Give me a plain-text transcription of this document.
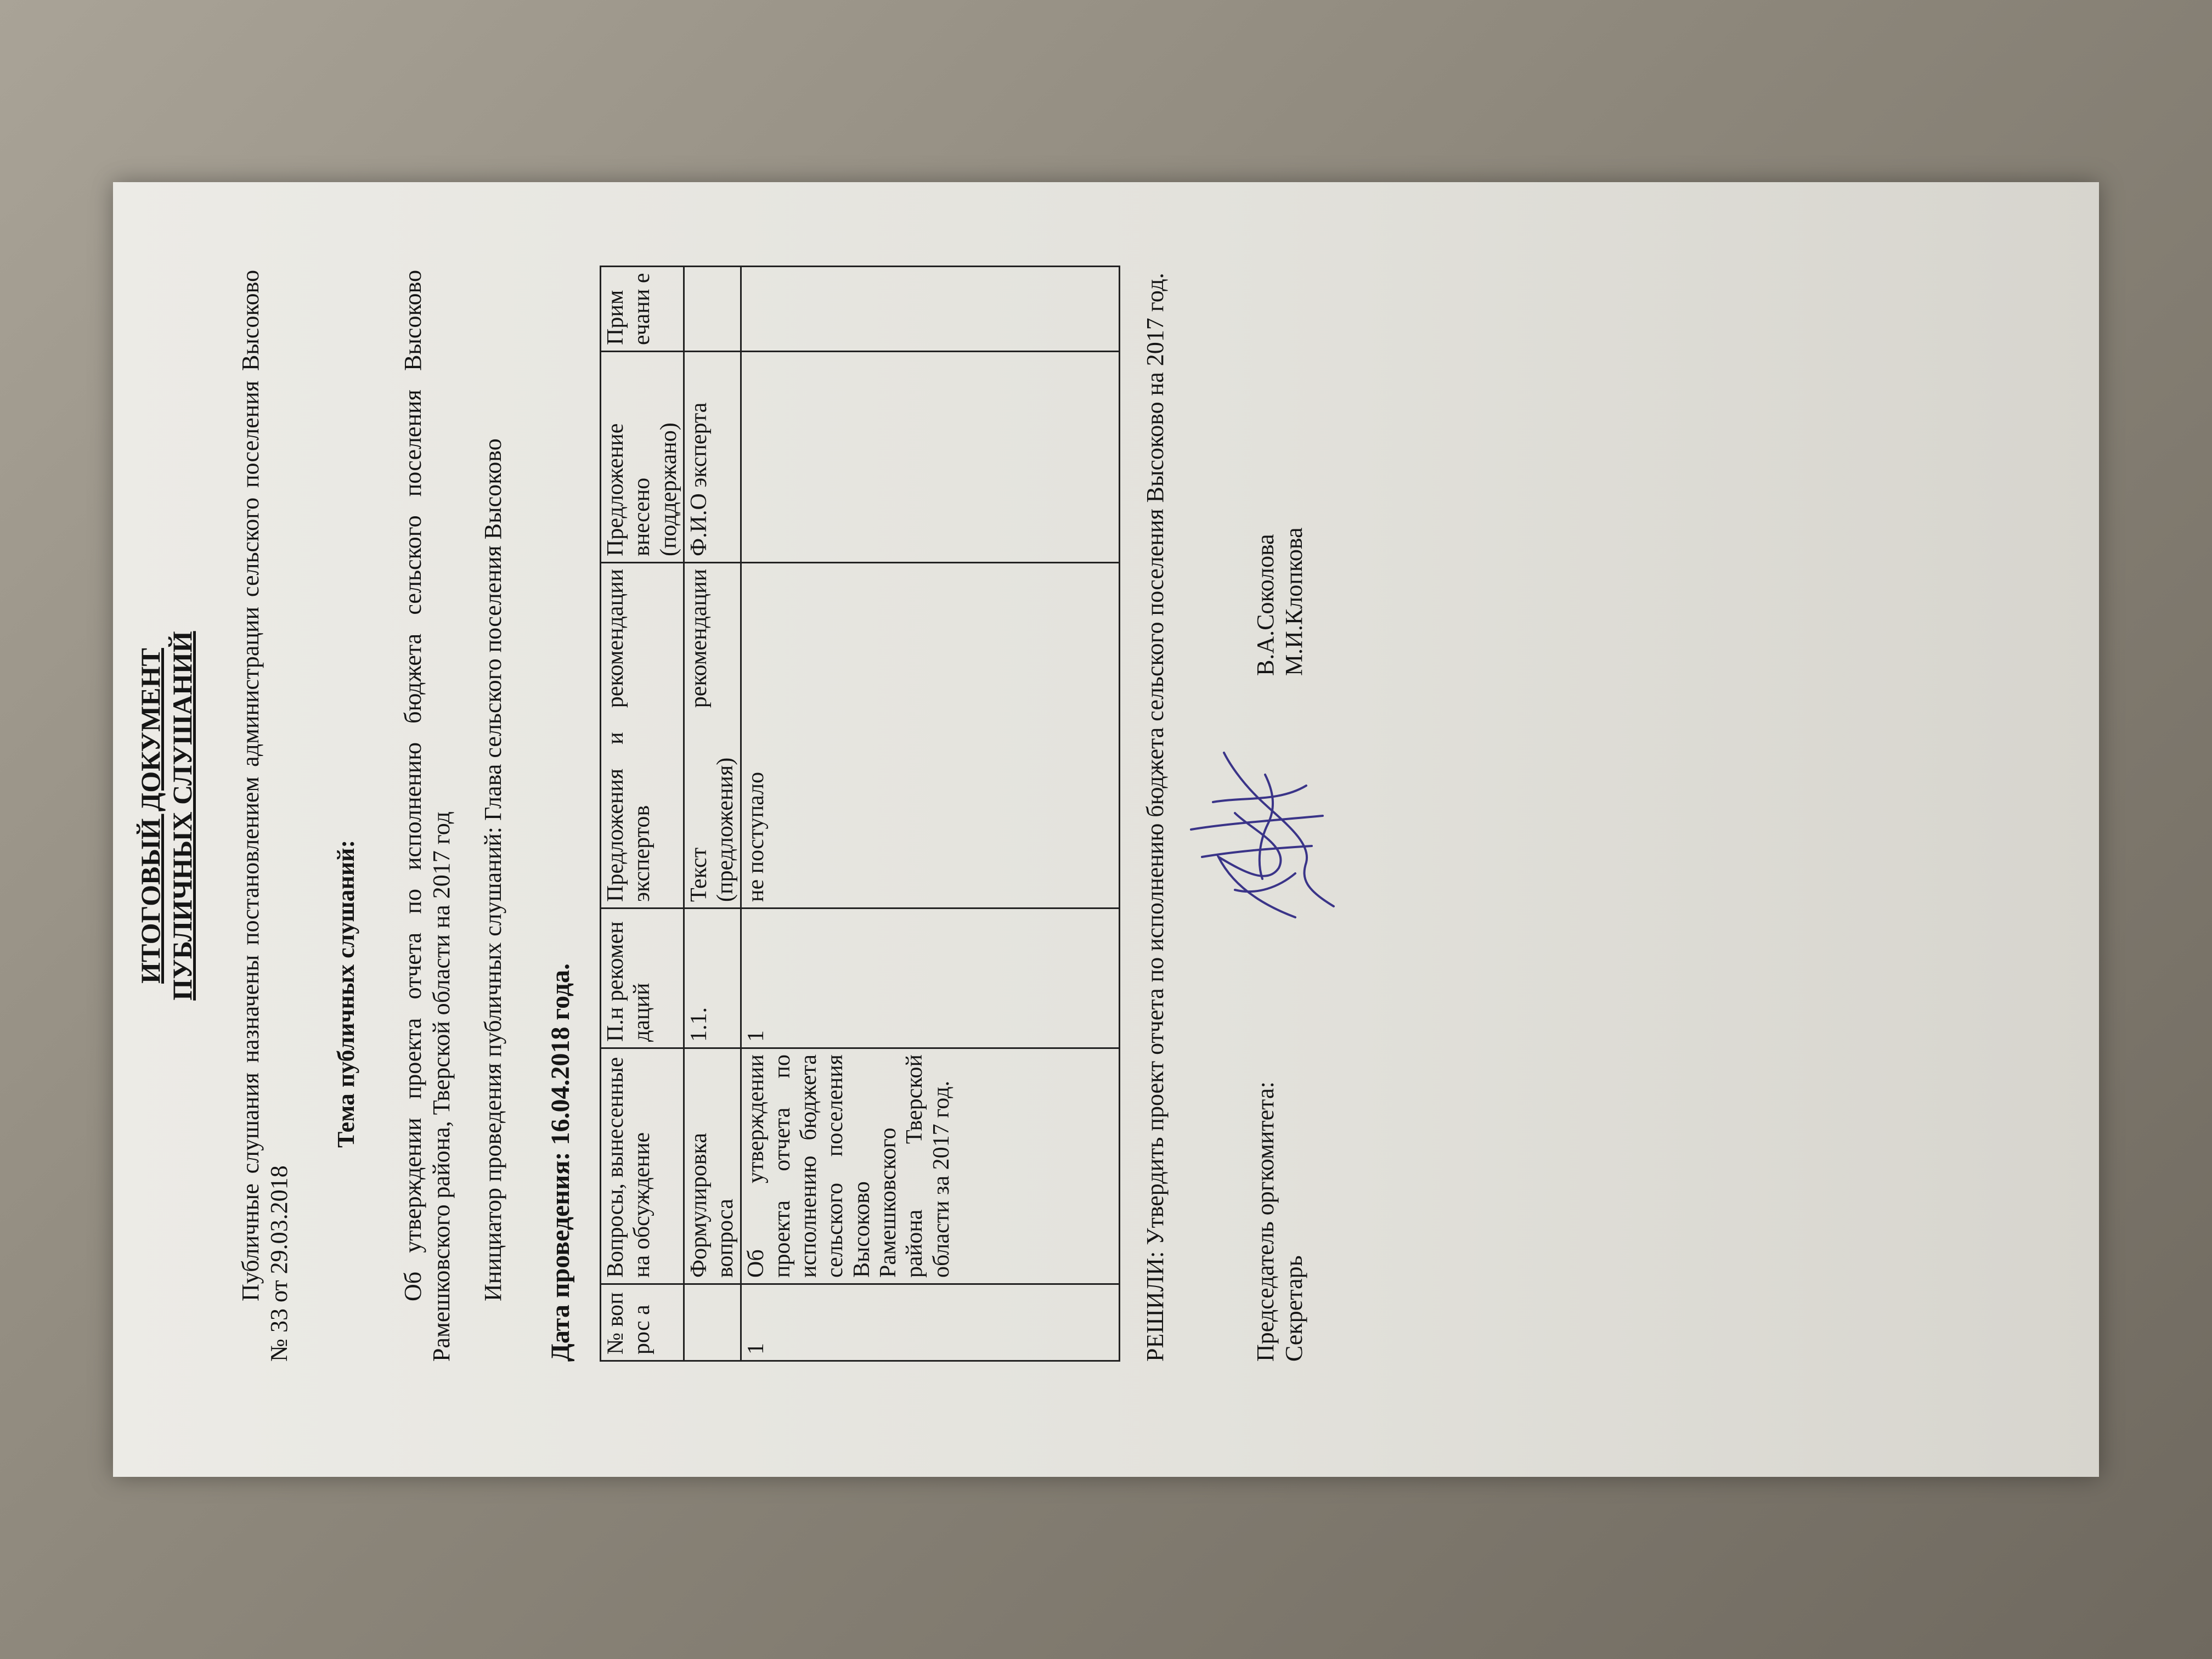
ИТОГОВЫЙ ДОКУМЕНТ ПУБЛИЧНЫХ СЛУШАНИЙ Публичные слушания назначены постановлением администрации сельского поселения Высоково № 33 от 29.03.2018

Тема публичных слушаний: Об утверждении проекта отчета по исполнению бюджета сельского поселения Высоково Рамешковского района, Тверской области на 2017 год Инициатор проведения публичных слушаний: Глава сельского поселения Высоково Дата проведения: 16.04.2018 года. № воп рос а	Вопросы, вынесенные на обсуждение	П.н рекомен даций	Предложения и рекомендации экспертов	Предложение внесено (поддержано)	Прим ечани е
	Формулировка вопроса	1.1.	Текст рекомендации (предложения)	Ф.И.О эксперта	
1	Об утверждении проекта отчета по исполнению бюджета сельского поселения Высоково Рамешковского района Тверской области за 2017 год.	1	не поступало			РЕШИЛИ: Утвердить проект отчета по исполнению бюджета сельского поселения Высоково на 2017 год.	Председатель оргкомитета: Секретарь
В.А.Соколова М.И.Клопкова
